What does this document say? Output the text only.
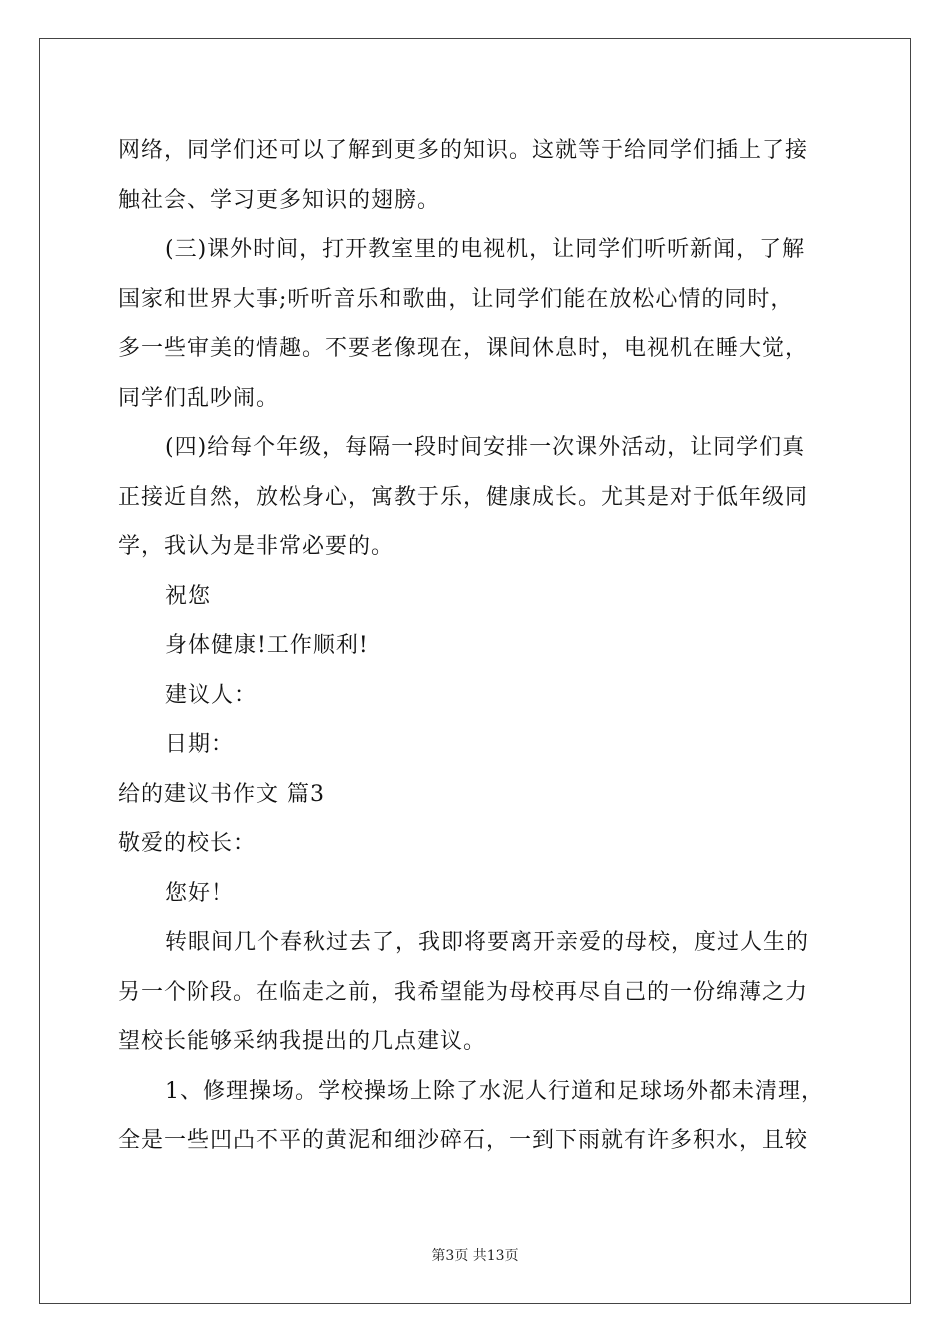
网络，同学们还可以了解到更多的知识。这就等于给同学们插上了接
触社会、学习更多知识的翅膀。
(三)课外时间，打开教室里的电视机，让同学们听听新闻，了解
国家和世界大事;听听音乐和歌曲，让同学们能在放松心情的同时，
多一些审美的情趣。不要老像现在，课间休息时，电视机在睡大觉，
同学们乱吵闹。
(四)给每个年级，每隔一段时间安排一次课外活动，让同学们真
正接近自然，放松身心，寓教于乐，健康成长。尤其是对于低年级同
学，我认为是非常必要的。
祝您
身体健康!工作顺利!
建议人：
日期：
给的建议书作文 篇3
敬爱的校长：
您好！
转眼间几个春秋过去了，我即将要离开亲爱的母校，度过人生的
另一个阶段。在临走之前，我希望能为母校再尽自己的一份绵薄之力
望校长能够采纳我提出的几点建议。
1、修理操场。学校操场上除了水泥人行道和足球场外都未清理，
全是一些凹凸不平的黄泥和细沙碎石，一到下雨就有许多积水，且较
第3页 共13页
